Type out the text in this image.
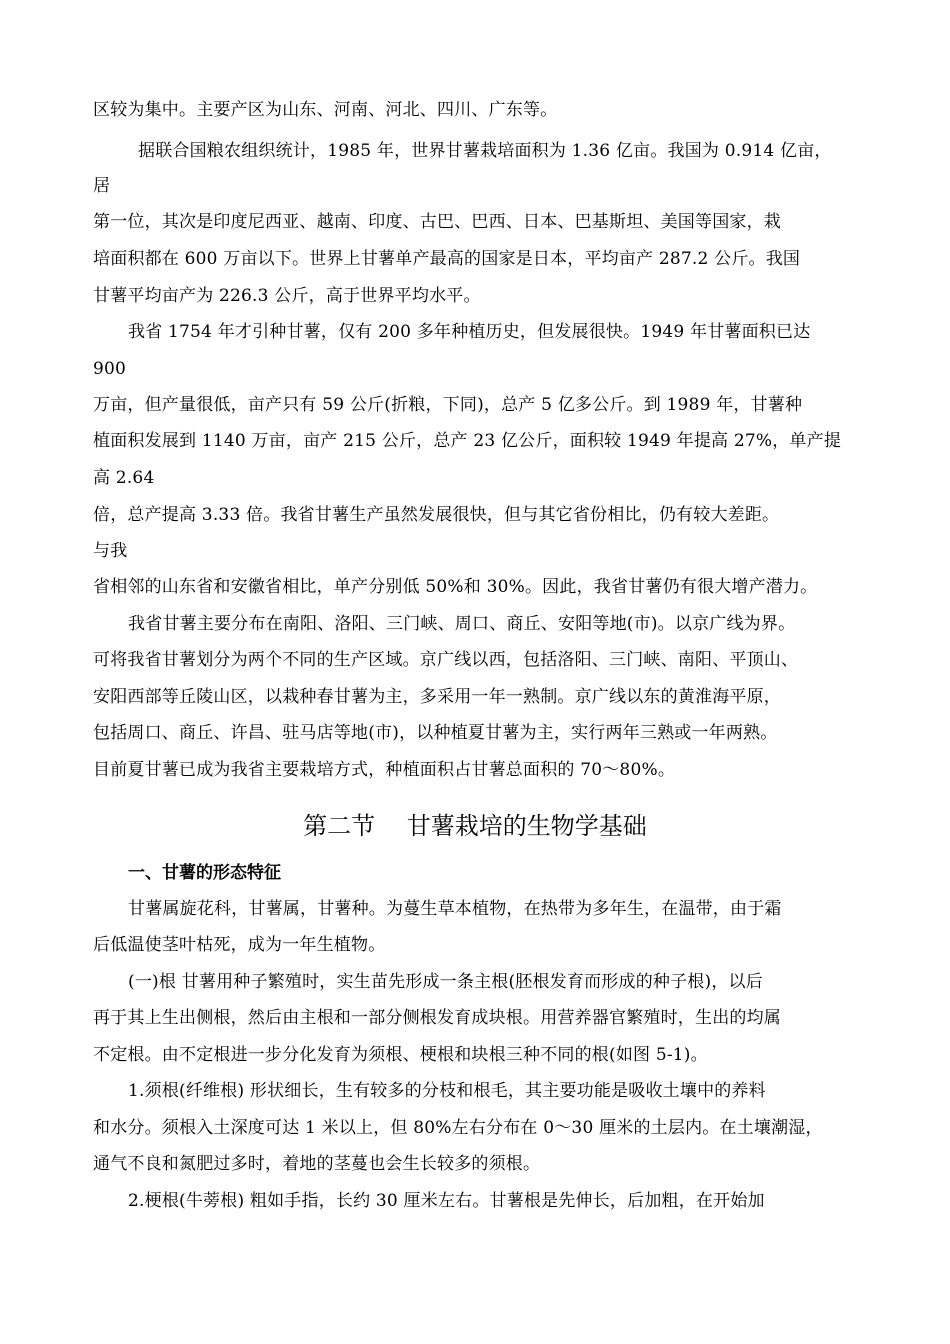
区较为集中。主要产区为山东、河南、河北、四川、广东等。
据联合国粮农组织统计，1985 年，世界甘薯栽培面积为 1.36 亿亩。我国为 0.914 亿亩，
居
第一位，其次是印度尼西亚、越南、印度、古巴、巴西、日本、巴基斯坦、美国等国家，栽
培面积都在 600 万亩以下。世界上甘薯单产最高的国家是日本，平均亩产 287.2 公斤。我国
甘薯平均亩产为 226.3 公斤，高于世界平均水平。
我省 1754 年才引种甘薯，仅有 200 多年种植历史，但发展很快。1949 年甘薯面积已达
900
万亩，但产量很低，亩产只有 59 公斤(折粮，下同)，总产 5 亿多公斤。到 1989 年，甘薯种
植面积发展到 1140 万亩，亩产 215 公斤，总产 23 亿公斤，面积较 1949 年提高 27%，单产提
高 2.64
倍，总产提高 3.33 倍。我省甘薯生产虽然发展很快，但与其它省份相比，仍有较大差距。
与我
省相邻的山东省和安徽省相比，单产分别低 50%和 30%。因此，我省甘薯仍有很大增产潜力。
我省甘薯主要分布在南阳、洛阳、三门峡、周口、商丘、安阳等地(市)。以京广线为界。
可将我省甘薯划分为两个不同的生产区域。京广线以西，包括洛阳、三门峡、南阳、平顶山、
安阳西部等丘陵山区，以栽种春甘薯为主，多采用一年一熟制。京广线以东的黄淮海平原，
包括周口、商丘、许昌、驻马店等地(市)，以种植夏甘薯为主，实行两年三熟或一年两熟。
目前夏甘薯已成为我省主要栽培方式，种植面积占甘薯总面积的 70～80%。
第二节　 甘薯栽培的生物学基础
一、甘薯的形态特征
甘薯属旋花科，甘薯属，甘薯种。为蔓生草本植物，在热带为多年生，在温带，由于霜
后低温使茎叶枯死，成为一年生植物。
(一)根 甘薯用种子繁殖时，实生苗先形成一条主根(胚根发育而形成的种子根)，以后
再于其上生出侧根，然后由主根和一部分侧根发育成块根。用营养器官繁殖时，生出的均属
不定根。由不定根进一步分化发育为须根、梗根和块根三种不同的根(如图 5-1)。
1.须根(纤维根) 形状细长，生有较多的分枝和根毛，其主要功能是吸收土壤中的养料
和水分。须根入土深度可达 1 米以上，但 80%左右分布在 0～30 厘米的土层内。在土壤潮湿，
通气不良和氮肥过多时，着地的茎蔓也会生长较多的须根。
2.梗根(牛蒡根) 粗如手指，长约 30 厘米左右。甘薯根是先伸长，后加粗，在开始加
